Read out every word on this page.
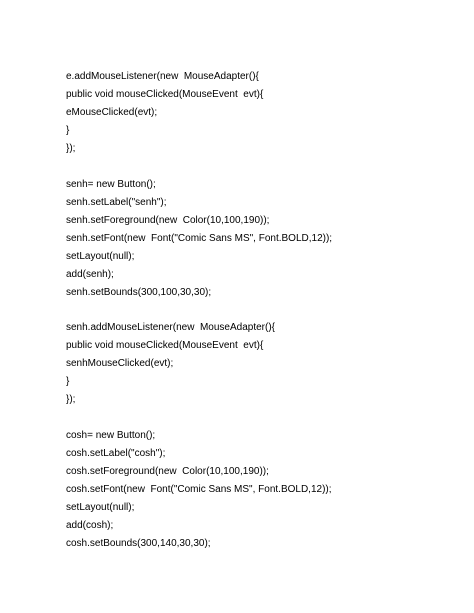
e.addMouseListener(new  MouseAdapter(){
public void mouseClicked(MouseEvent  evt){
eMouseClicked(evt);
}
});
senh= new Button();
senh.setLabel("senh");
senh.setForeground(new  Color(10,100,190));
senh.setFont(new  Font("Comic Sans MS", Font.BOLD,12));
setLayout(null);
add(senh);
senh.setBounds(300,100,30,30);
senh.addMouseListener(new  MouseAdapter(){
public void mouseClicked(MouseEvent  evt){
senhMouseClicked(evt);
}
});
cosh= new Button();
cosh.setLabel("cosh");
cosh.setForeground(new  Color(10,100,190));
cosh.setFont(new  Font("Comic Sans MS", Font.BOLD,12));
setLayout(null);
add(cosh);
cosh.setBounds(300,140,30,30);
